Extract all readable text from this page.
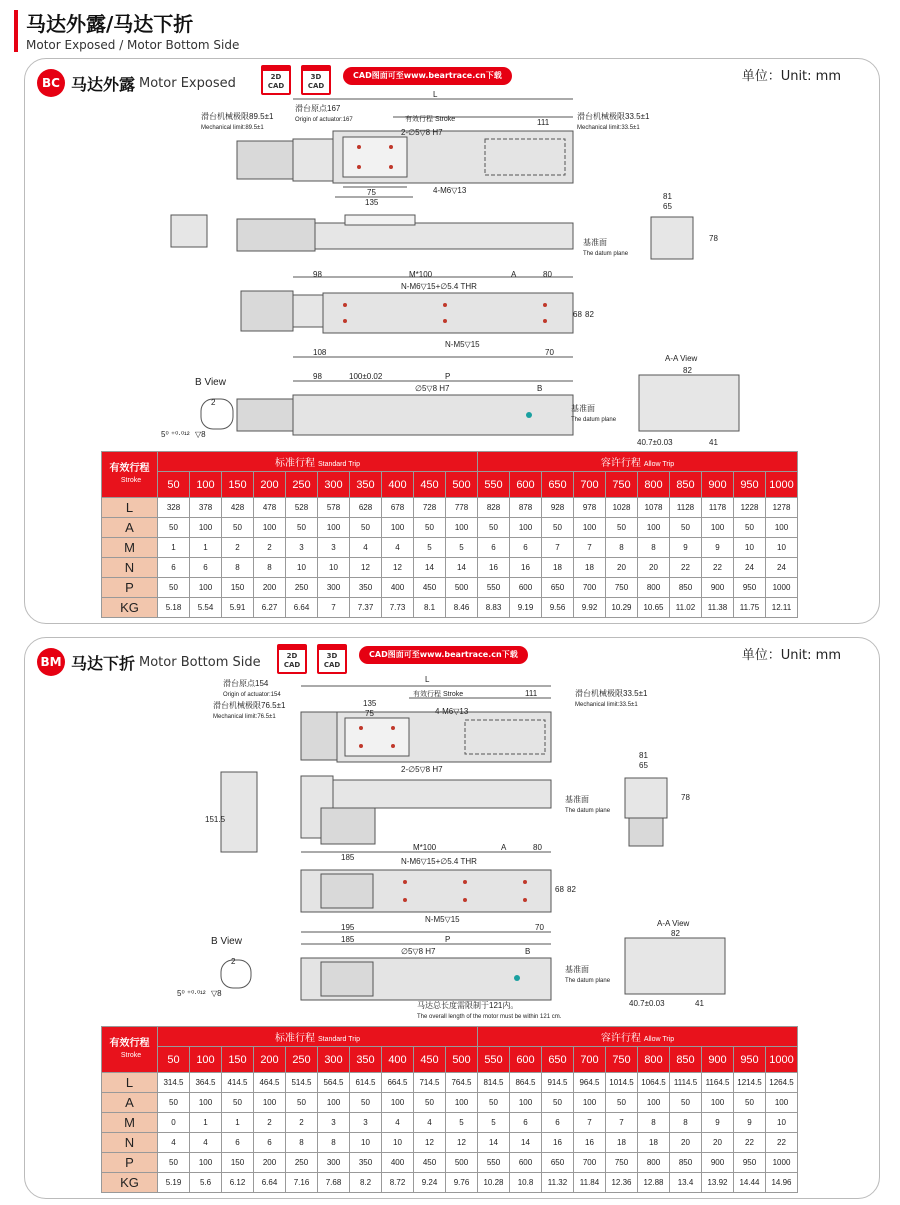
马达外露/马达下折
Motor Exposed / Motor Bottom Side
BC 马达外露 Motor Exposed	2D
CAD
3D
CAD
CAD图面可至www.beartrace.cn下载	单位：Unit: mm
滑台机械极限89.5±1
Mechanical limit:89.5±1
滑台原点167
Origin of actuator:167	有效行程 Stroke
L
111
滑台机械极限33.5±1
Mechanical limit:33.5±1
2-∅5▽8 H7
75
135
4-M6▽13
81
65
78
基准面
The datum plane
98	M*100	A	80
N-M6▽15+∅5.4 THR
68 82
N-M5▽15
108	70
B View
98	100±0.02	P
∅5▽8 H7	B
基准面
The datum plane
5⁰ ⁺⁰·⁰¹² ▽8
2
A-A View
82
40.7±0.03	41
有效行程
Stroke	标准行程 Standard Trip										容许行程 Allow Trip									
	50	100	150	200	250	300	350	400	450	500	550	600	650	700	750	800	850	900	950	1000
L	328	378	428	478	528	578	628	678	728	778	828	878	928	978	1028	1078	1128	1178	1228	1278
A	50	100	50	100	50	100	50	100	50	100	50	100	50	100	50	100	50	100	50	100
M	1	1	2	2	3	3	4	4	5	5	6	6	7	7	8	8	9	9	10	10
N	6	6	8	8	10	10	12	12	14	14	16	16	18	18	20	20	22	22	24	24
P	50	100	150	200	250	300	350	400	450	500	550	600	650	700	750	800	850	900	950	1000
KG	5.18	5.54	5.91	6.27	6.64	7	7.37	7.73	8.1	8.46	8.83	9.19	9.56	9.92	10.29	10.65	11.02	11.38	11.75	12.11
BM 马达下折 Motor Bottom Side	2D
CAD
3D
CAD
CAD图面可至www.beartrace.cn下载	单位：Unit: mm
滑台原点154
Origin of actuator:154
滑台机械极限76.5±1
Mechanical limit:76.5±1
L
有效行程 Stroke	111	滑台机械极限33.5±1
Mechanical limit:33.5±1
135
75	4-M6▽13
2-∅5▽8 H7
151.5
81
65
78
基准面
The datum plane
185
M*100	A	80
N-M6▽15+∅5.4 THR
68 82
N-M5▽15
195	70
B View	185
∅5▽8 H7
P
B
基准面
The datum plane
5⁰ ⁺⁰·⁰¹² ▽8
2
A-A View
82
40.7±0.03	41
马达总长度需限制于121内。
The overall length of the motor must be within 121 cm.
有效行程
Stroke	标准行程 Standard Trip										容许行程 Allow Trip									
	50	100	150	200	250	300	350	400	450	500	550	600	650	700	750	800	850	900	950	1000
L	314.5	364.5	414.5	464.5	514.5	564.5	614.5	664.5	714.5	764.5	814.5	864.5	914.5	964.5	1014.5	1064.5	1114.5	1164.5	1214.5	1264.5
A	50	100	50	100	50	100	50	100	50	100	50	100	50	100	50	100	50	100	50	100
M	0	1	1	2	2	3	3	4	4	5	5	6	6	7	7	8	8	9	9	10
N	4	4	6	6	8	8	10	10	12	12	14	14	16	16	18	18	20	20	22	22
P	50	100	150	200	250	300	350	400	450	500	550	600	650	700	750	800	850	900	950	1000
KG	5.19	5.6	6.12	6.64	7.16	7.68	8.2	8.72	9.24	9.76	10.28	10.8	11.32	11.84	12.36	12.88	13.4	13.92	14.44	14.96
